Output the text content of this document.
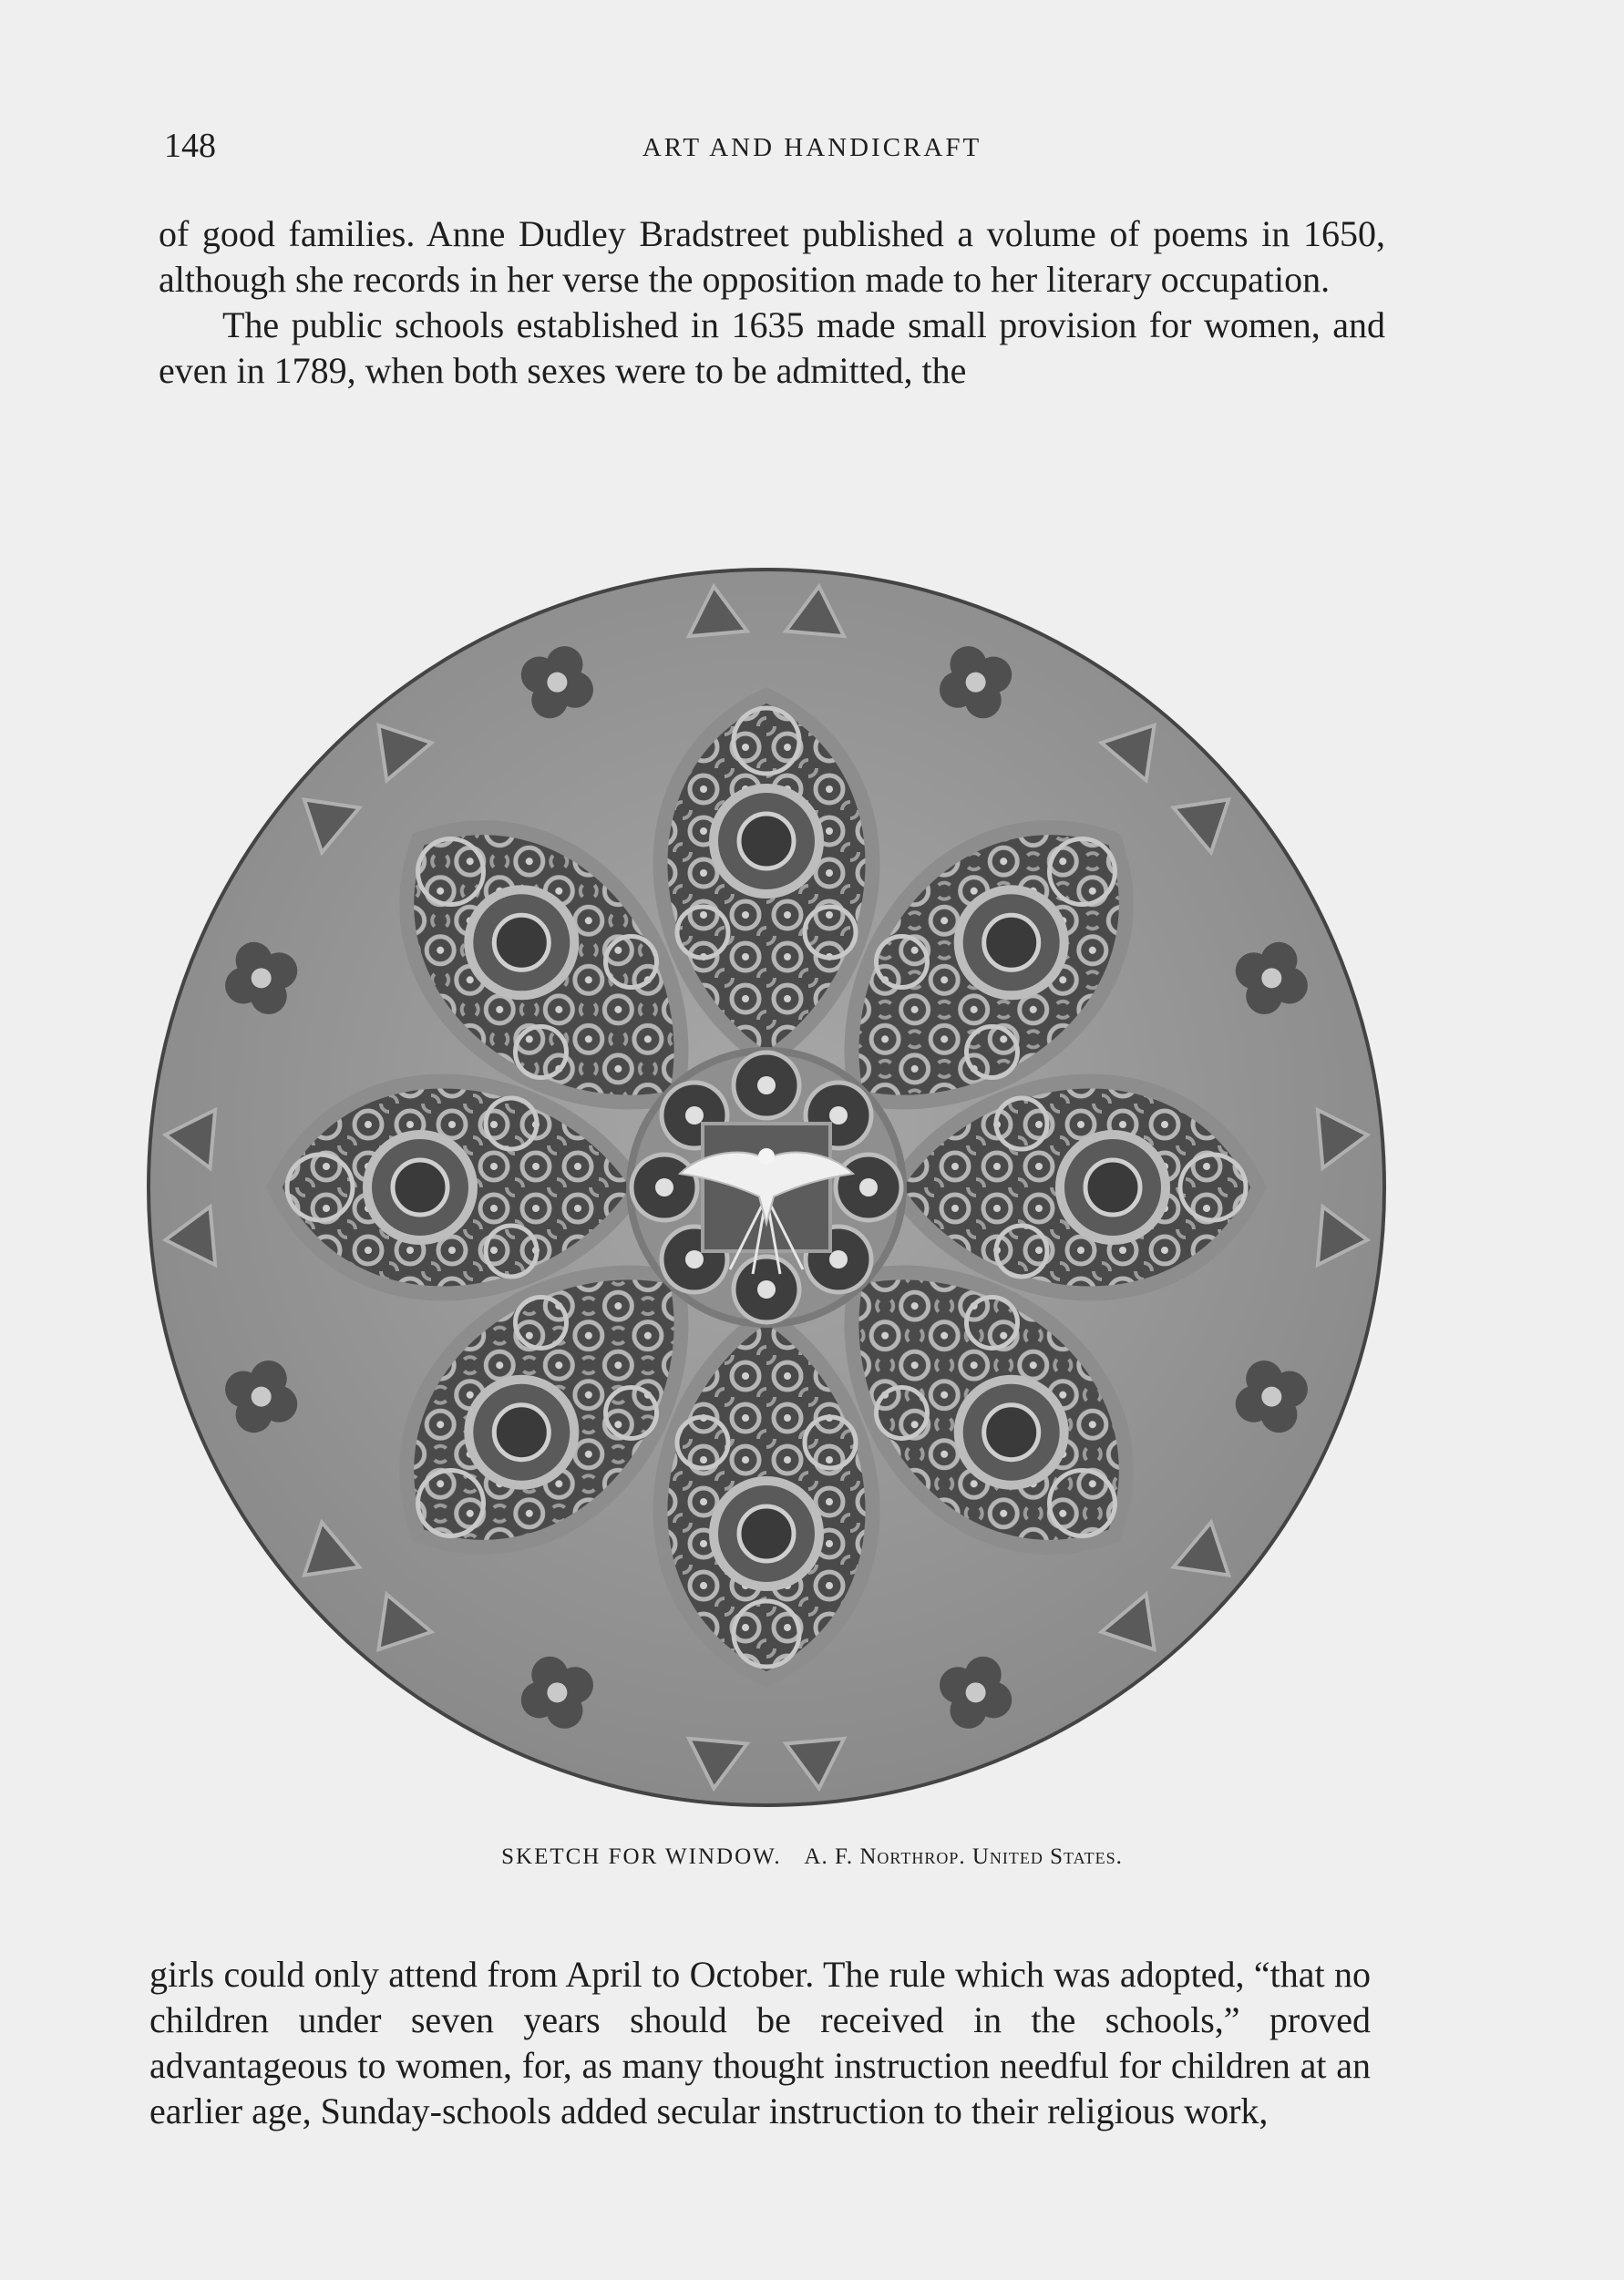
148	ART AND HANDICRAFT

of good families. Anne Dudley Bradstreet published a volume of poems in 1650, although she records in her verse the opposition made to her literary occupation.

The public schools established in 1635 made small provision for women, and even in 1789, when both sexes were to be admitted, the

SKETCH FOR WINDOW. A. F. Northrop. United States.
girls could only attend from April to October. The rule which was adopted, “that no children under seven years should be received in the schools,” proved advantageous to women, for, as many thought instruction needful for children at an earlier age, Sunday-schools added secular instruction to their religious work,
